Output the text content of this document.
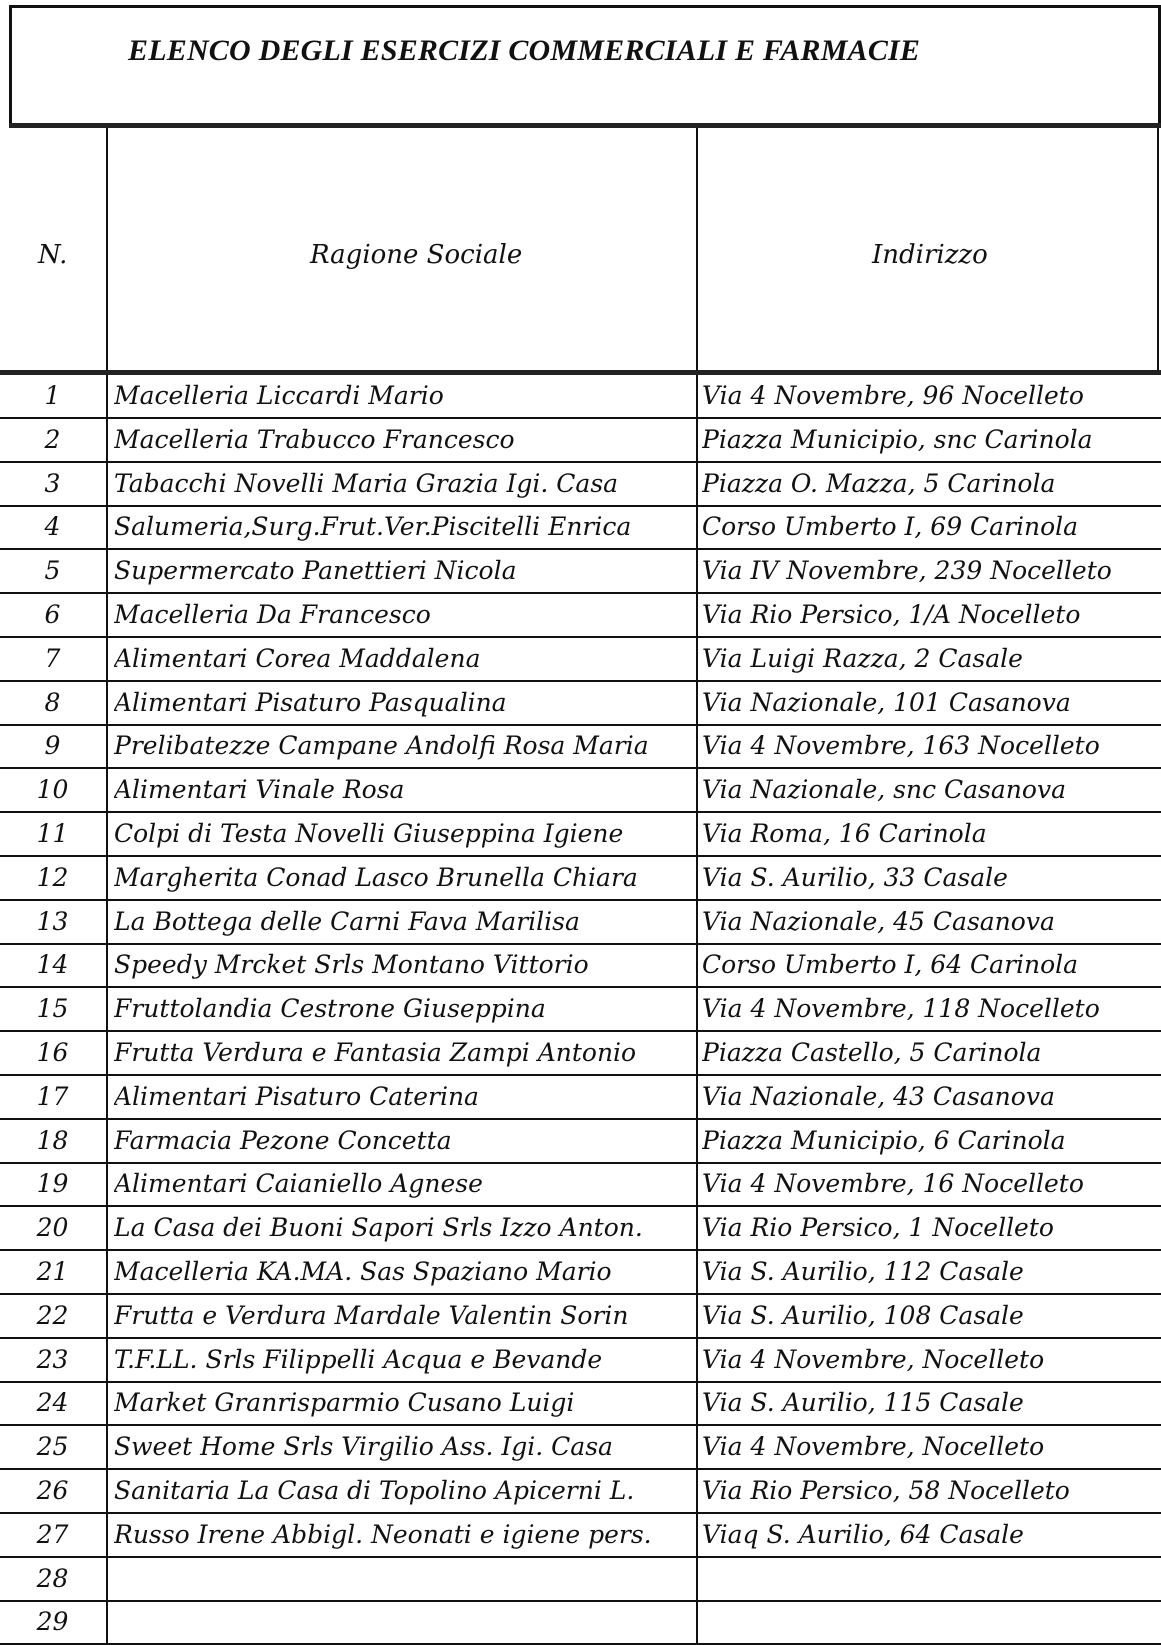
ELENCO DEGLI ESERCIZI COMMERCIALI E FARMACIE
N.	Ragione Sociale	Indirizzo
1	Macelleria Liccardi Mario	Via 4 Novembre, 96 Nocelleto
2	Macelleria Trabucco Francesco	Piazza Municipio, snc Carinola
3	Tabacchi Novelli Maria Grazia Igi. Casa	Piazza O. Mazza, 5 Carinola
4	Salumeria,Surg.Frut.Ver.Piscitelli Enrica	Corso Umberto I, 69 Carinola
5	Supermercato Panettieri Nicola	Via IV Novembre, 239 Nocelleto
6	Macelleria Da Francesco	Via Rio Persico, 1/A Nocelleto
7	Alimentari Corea Maddalena	Via Luigi Razza, 2 Casale
8	Alimentari Pisaturo Pasqualina	Via Nazionale, 101 Casanova
9	Prelibatezze Campane Andolfi Rosa Maria	Via 4 Novembre, 163 Nocelleto
10	Alimentari Vinale Rosa	Via Nazionale, snc Casanova
11	Colpi di Testa Novelli Giuseppina Igiene	Via Roma, 16 Carinola
12	Margherita Conad Lasco Brunella Chiara	Via S. Aurilio, 33 Casale
13	La Bottega delle Carni Fava Marilisa	Via Nazionale, 45 Casanova
14	Speedy Mrcket Srls Montano Vittorio	Corso Umberto I, 64 Carinola
15	Fruttolandia Cestrone Giuseppina	Via 4 Novembre, 118 Nocelleto
16	Frutta Verdura e Fantasia Zampi Antonio	Piazza Castello, 5 Carinola
17	Alimentari Pisaturo Caterina	Via Nazionale, 43 Casanova
18	Farmacia Pezone Concetta	Piazza Municipio, 6 Carinola
19	Alimentari Caianiello Agnese	Via 4 Novembre, 16 Nocelleto
20	La Casa dei Buoni Sapori Srls Izzo Anton.	Via Rio Persico, 1 Nocelleto
21	Macelleria KA.MA. Sas Spaziano Mario	Via S. Aurilio, 112 Casale
22	Frutta e Verdura Mardale Valentin Sorin	Via S. Aurilio, 108 Casale
23	T.F.LL. Srls Filippelli Acqua e Bevande	Via 4 Novembre, Nocelleto
24	Market Granrisparmio Cusano Luigi	Via S. Aurilio, 115 Casale
25	Sweet Home Srls Virgilio Ass. Igi. Casa	Via 4 Novembre, Nocelleto
26	Sanitaria La Casa di Topolino Apicerni L.	Via Rio Persico, 58 Nocelleto
27	Russo Irene Abbigl. Neonati e igiene pers.	Viaq S. Aurilio, 64 Casale
28
29
